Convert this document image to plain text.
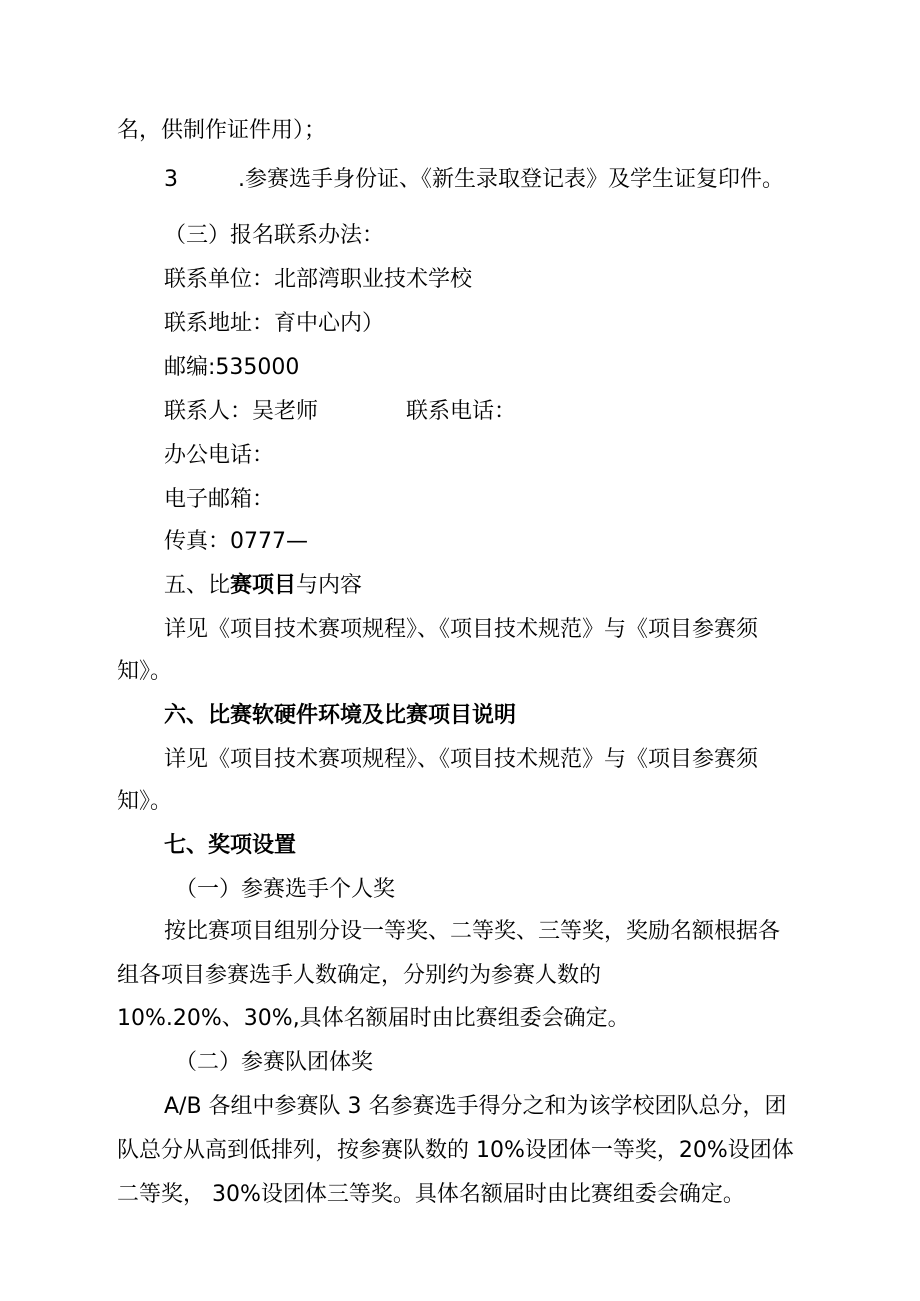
名，供制作证件用）；
3	.参赛选手身份证、《新生录取登记表》及学生证复印件。
（三）报名联系办法：
联系单位：北部湾职业技术学校
联系地址：育中心内）
邮编:535000
联系人：吴老师	联系电话：
办公电话：
电子邮箱：
传真：0777—
五、比赛项目与内容
详见《项目技术赛项规程》、《项目技术规范》与《项目参赛须
知》。
六、比赛软硬件环境及比赛项目说明
详见《项目技术赛项规程》、《项目技术规范》与《项目参赛须
知》。
七、奖项设置
（一）参赛选手个人奖
按比赛项目组别分设一等奖、二等奖、三等奖，奖励名额根据各
组各项目参赛选手人数确定，分别约为参赛人数的
10%.20%、30%,具体名额届时由比赛组委会确定。
（二）参赛队团体奖
A/B 各组中参赛队 3 名参赛选手得分之和为该学校团队总分，团
队总分从高到低排列，按参赛队数的 10%设团体一等奖，20%设团体
二等奖， 30%设团体三等奖。具体名额届时由比赛组委会确定。
